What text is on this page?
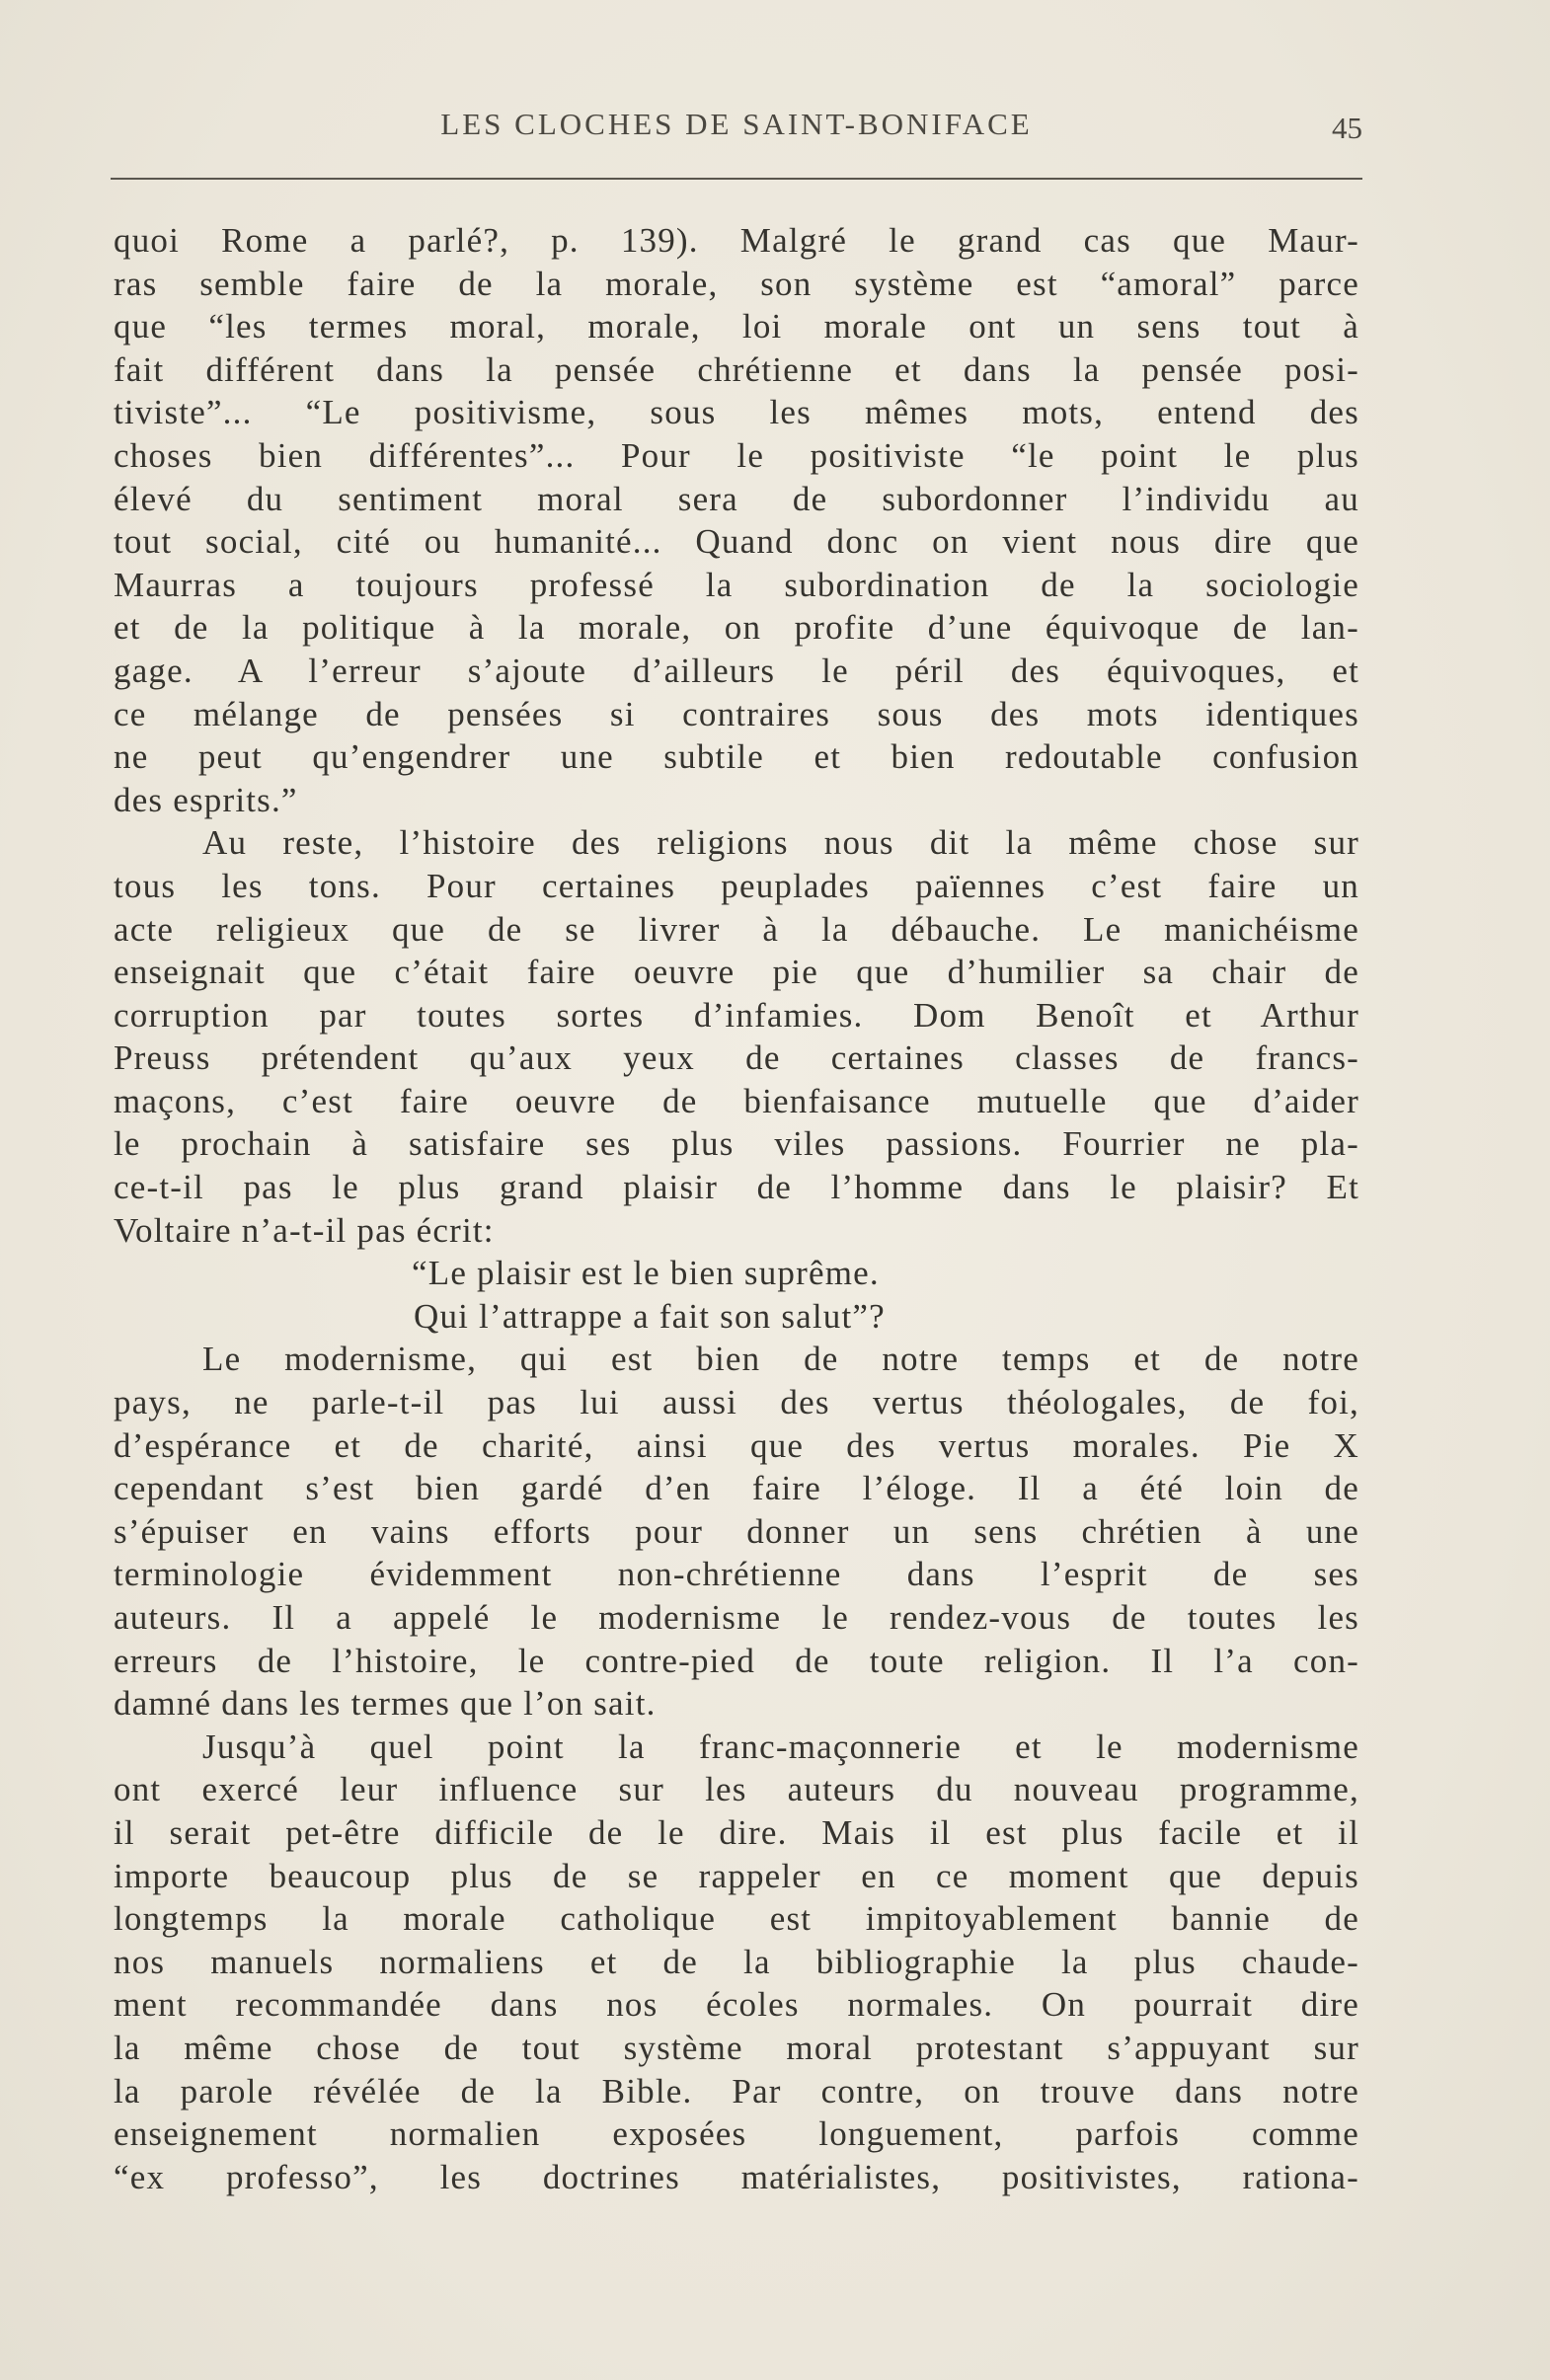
LES CLOCHES DE SAINT-BONIFACE	45
quoi Rome a parlé?, p. 139). Malgré le grand cas que Maur-
ras semble faire de la morale, son système est “amoral” parce
que “les termes moral, morale, loi morale ont un sens tout à
fait différent dans la pensée chrétienne et dans la pensée posi-
tiviste”... “Le positivisme, sous les mêmes mots, entend des
choses bien différentes”... Pour le positiviste “le point le plus
élevé du sentiment moral sera de subordonner l’individu au
tout social, cité ou humanité... Quand donc on vient nous dire que
Maurras a toujours professé la subordination de la sociologie
et de la politique à la morale, on profite d’une équivoque de lan-
gage. A l’erreur s’ajoute d’ailleurs le péril des équivoques, et
ce mélange de pensées si contraires sous des mots identiques
ne peut qu’engendrer une subtile et bien redoutable confusion
des esprits.”
Au reste, l’histoire des religions nous dit la même chose sur
tous les tons. Pour certaines peuplades païennes c’est faire un
acte religieux que de se livrer à la débauche. Le manichéisme
enseignait que c’était faire oeuvre pie que d’humilier sa chair de
corruption par toutes sortes d’infamies. Dom Benoît et Arthur
Preuss prétendent qu’aux yeux de certaines classes de francs-
maçons, c’est faire oeuvre de bienfaisance mutuelle que d’aider
le prochain à satisfaire ses plus viles passions. Fourrier ne pla-
ce-t-il pas le plus grand plaisir de l’homme dans le plaisir? Et
Voltaire n’a-t-il pas écrit:
“Le plaisir est le bien suprême.
Qui l’attrappe a fait son salut”?
Le modernisme, qui est bien de notre temps et de notre
pays, ne parle-t-il pas lui aussi des vertus théologales, de foi,
d’espérance et de charité, ainsi que des vertus morales. Pie X
cependant s’est bien gardé d’en faire l’éloge. Il a été loin de
s’épuiser en vains efforts pour donner un sens chrétien à une
terminologie évidemment non-chrétienne dans l’esprit de ses
auteurs. Il a appelé le modernisme le rendez-vous de toutes les
erreurs de l’histoire, le contre-pied de toute religion. Il l’a con-
damné dans les termes que l’on sait.
Jusqu’à quel point la franc-maçonnerie et le modernisme
ont exercé leur influence sur les auteurs du nouveau programme,
il serait pet-être difficile de le dire. Mais il est plus facile et il
importe beaucoup plus de se rappeler en ce moment que depuis
longtemps la morale catholique est impitoyablement bannie de
nos manuels normaliens et de la bibliographie la plus chaude-
ment recommandée dans nos écoles normales. On pourrait dire
la même chose de tout système moral protestant s’appuyant sur
la parole révélée de la Bible. Par contre, on trouve dans notre
enseignement normalien exposées longuement, parfois comme
“ex professo”, les doctrines matérialistes, positivistes, rationa-
